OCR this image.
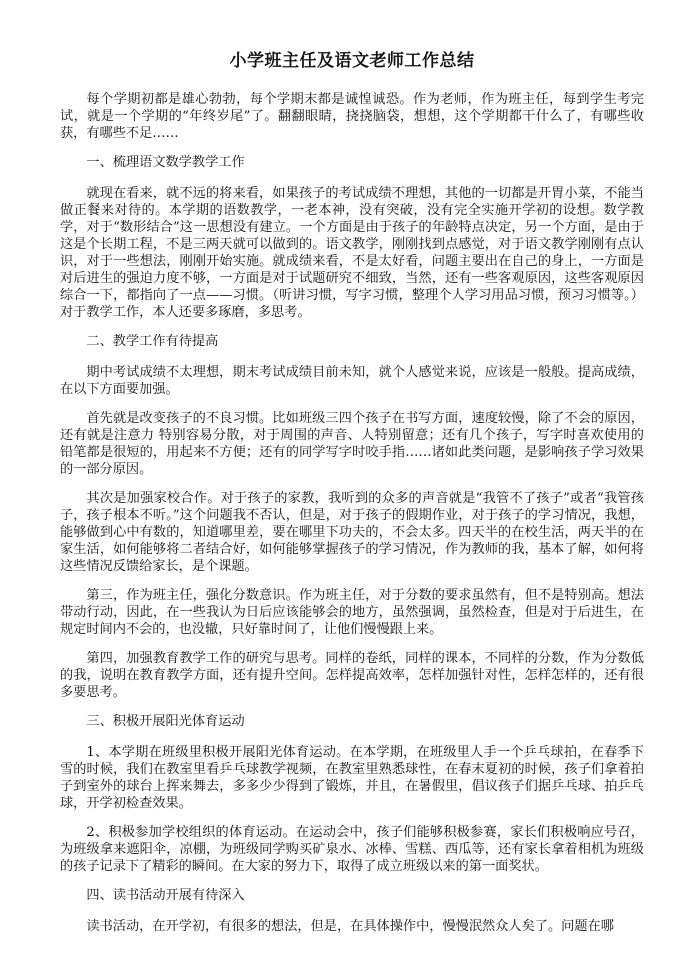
小学班主任及语文老师工作总结

每个学期初都是雄心勃勃，每个学期末都是诚惶诚恐。作为老师，作为班主任，每到学生考完试，就是一个学期的“年终岁尾”了。翻翻眼睛，挠挠脑袋，想想，这个学期都干什么了，有哪些收获，有哪些不足……

一、梳理语文数学教学工作

就现在看来，就不远的将来看，如果孩子的考试成绩不理想，其他的一切都是开胃小菜，不能当做正餐来对待的。本学期的语数教学，一老本神，没有突破，没有完全实施开学初的设想。数学教学，对于“数形结合”这一思想没有建立。一个方面是由于孩子的年龄特点决定，另一个方面，是由于这是个长期工程，不是三两天就可以做到的。语文教学，刚刚找到点感觉，对于语文教学刚刚有点认识，对于一些想法，刚刚开始实施。就成绩来看，不是太好看，问题主要出在自己的身上，一方面是对后进生的强迫力度不够，一方面是对于试题研究不细致，当然，还有一些客观原因，这些客观原因综合一下，都指向了一点——习惯。（听讲习惯，写字习惯，整理个人学习用品习惯，预习习惯等。）对于教学工作，本人还要多琢磨，多思考。

二、教学工作有待提高

期中考试成绩不太理想，期末考试成绩目前未知，就个人感觉来说，应该是一般般。提高成绩，在以下方面要加强。

首先就是改变孩子的不良习惯。比如班级三四个孩子在书写方面，速度较慢，除了不会的原因，还有就是注意力 特别容易分散，对于周围的声音、人特别留意；还有几个孩子，写字时喜欢使用的铅笔都是很短的，用起来不方便；还有的同学写字时咬手指……诸如此类问题，是影响孩子学习效果的一部分原因。

其次是加强家校合作。对于孩子的家教，我听到的众多的声音就是“我管不了孩子”或者“我管孩子，孩子根本不听。”这个问题我不否认，但是，对于孩子的假期作业，对于孩子的学习情况，我想，能够做到心中有数的，知道哪里差，要在哪里下功夫的，不会太多。四天半的在校生活，两天半的在家生活，如何能够将二者结合好，如何能够掌握孩子的学习情况，作为教师的我，基本了解，如何将这些情况反馈给家长，是个课题。

第三，作为班主任，强化分数意识。作为班主任，对于分数的要求虽然有，但不是特别高。想法带动行动，因此，在一些我认为日后应该能够会的地方，虽然强调，虽然检查，但是对于后进生，在规定时间内不会的，也没辙，只好靠时间了，让他们慢慢跟上来。

第四，加强教育教学工作的研究与思考。同样的卷纸，同样的课本，不同样的分数，作为分数低的我，说明在教育教学方面，还有提升空间。怎样提高效率，怎样加强针对性，怎样怎样的，还有很多要思考。

三、积极开展阳光体育运动

1、本学期在班级里积极开展阳光体育运动。在本学期，在班级里人手一个乒乓球拍，在春季下雪的时候，我们在教室里看乒乓球教学视频，在教室里熟悉球性，在春末夏初的时候，孩子们拿着拍子到室外的球台上挥来舞去，多多少少得到了锻炼，并且，在暑假里，倡议孩子们据乒乓球、拍乒乓球，开学初检查效果。

2、积极参加学校组织的体育运动。在运动会中，孩子们能够积极参赛，家长们积极响应号召，为班级拿来遮阳伞，凉棚，为班级同学购买矿泉水、冰棒、雪糕、西瓜等，还有家长拿着相机为班级的孩子记录下了精彩的瞬间。在大家的努力下，取得了成立班级以来的第一面奖状。

四、读书活动开展有待深入

读书活动，在开学初，有很多的想法，但是，在具体操作中，慢慢泯然众人矣了。问题在哪
